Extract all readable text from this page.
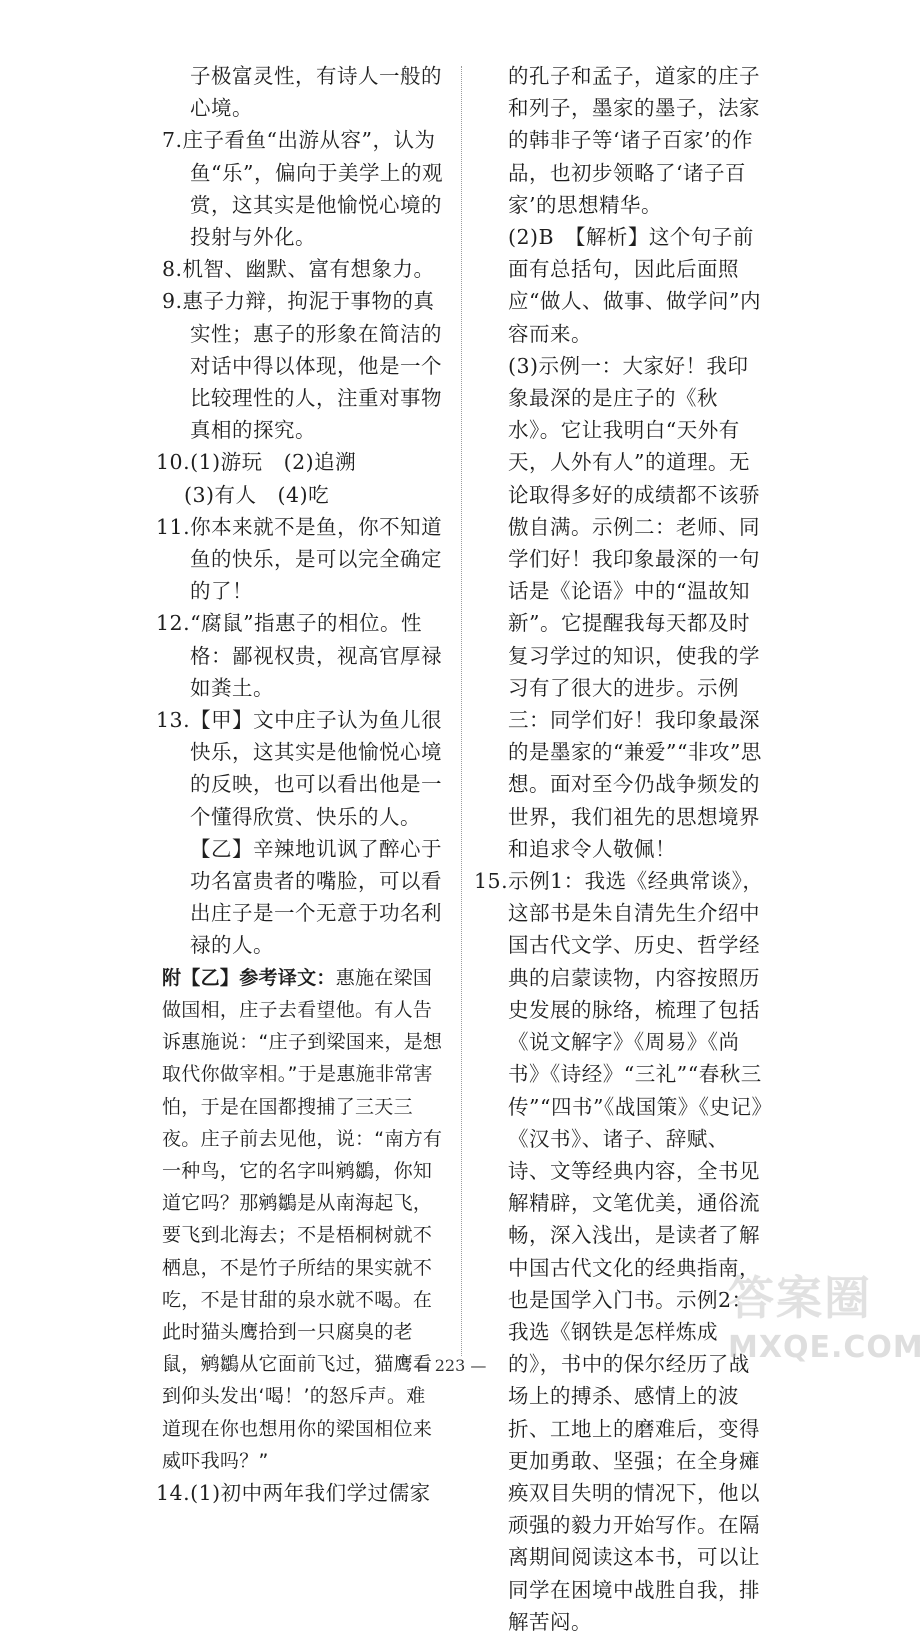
子极富灵性，有诗人一般的心境。
7.庄子看鱼“出游从容”，认为鱼“乐”，偏向于美学上的观赏，这其实是他愉悦心境的投射与外化。
8.机智、幽默、富有想象力。
9.惠子力辩，拘泥于事物的真实性；惠子的形象在简洁的对话中得以体现，他是一个比较理性的人，注重对事物真相的探究。
10.(1)游玩　(2)追溯
(3)有人　(4)吃
11.你本来就不是鱼，你不知道鱼的快乐，是可以完全确定的了！
12.“腐鼠”指惠子的相位。性格：鄙视权贵，视高官厚禄如粪土。
13.【甲】文中庄子认为鱼儿很快乐，这其实是他愉悦心境的反映，也可以看出他是一个懂得欣赏、快乐的人。【乙】辛辣地讥讽了醉心于功名富贵者的嘴脸，可以看出庄子是一个无意于功名利禄的人。
附【乙】参考译文：惠施在梁国做国相，庄子去看望他。有人告诉惠施说：“庄子到梁国来，是想取代你做宰相。”于是惠施非常害怕，于是在国都搜捕了三天三夜。庄子前去见他，说：“南方有一种鸟，它的名字叫鹓鶵，你知道它吗？那鹓鶵是从南海起飞，要飞到北海去；不是梧桐树就不栖息，不是竹子所结的果实就不吃，不是甘甜的泉水就不喝。在此时猫头鹰拾到一只腐臭的老鼠，鹓鶵从它面前飞过，猫鹰看到仰头发出‘喝！’的怒斥声。难道现在你也想用你的梁国相位来威吓我吗？”
14.(1)初中两年我们学过儒家
的孔子和孟子，道家的庄子和列子，墨家的墨子，法家的韩非子等‘诸子百家’的作品，也初步领略了‘诸子百家’的思想精华。
(2)B　【解析】这个句子前面有总括句，因此后面照应“做人、做事、做学问”内容而来。
(3)示例一：大家好！我印象最深的是庄子的《秋水》。它让我明白“天外有天，人外有人”的道理。无论取得多好的成绩都不该骄傲自满。示例二：老师、同学们好！我印象最深的一句话是《论语》中的“温故知新”。它提醒我每天都及时复习学过的知识，使我的学习有了很大的进步。示例三：同学们好！我印象最深的是墨家的“兼爱”“非攻”思想。面对至今仍战争频发的世界，我们祖先的思想境界和追求令人敬佩！
15.示例1：我选《经典常谈》，这部书是朱自清先生介绍中国古代文学、历史、哲学经典的启蒙读物，内容按照历史发展的脉络，梳理了包括《说文解字》《周易》《尚书》《诗经》“三礼”“春秋三传”“四书”《战国策》《史记》《汉书》、诸子、辞赋、诗、文等经典内容，全书见解精辟，文笔优美，通俗流畅，深入浅出，是读者了解中国古代文化的经典指南，也是国学入门书。示例2：我选《钢铁是怎样炼成的》，书中的保尔经历了战场上的搏杀、感情上的波折、工地上的磨难后，变得更加勇敢、坚强；在全身瘫痪双目失明的情况下，他以顽强的毅力开始写作。在隔离期间阅读这本书，可以让同学在困境中战胜自我，排解苦闷。
— 223 —
答案圈
MXQE.COM
